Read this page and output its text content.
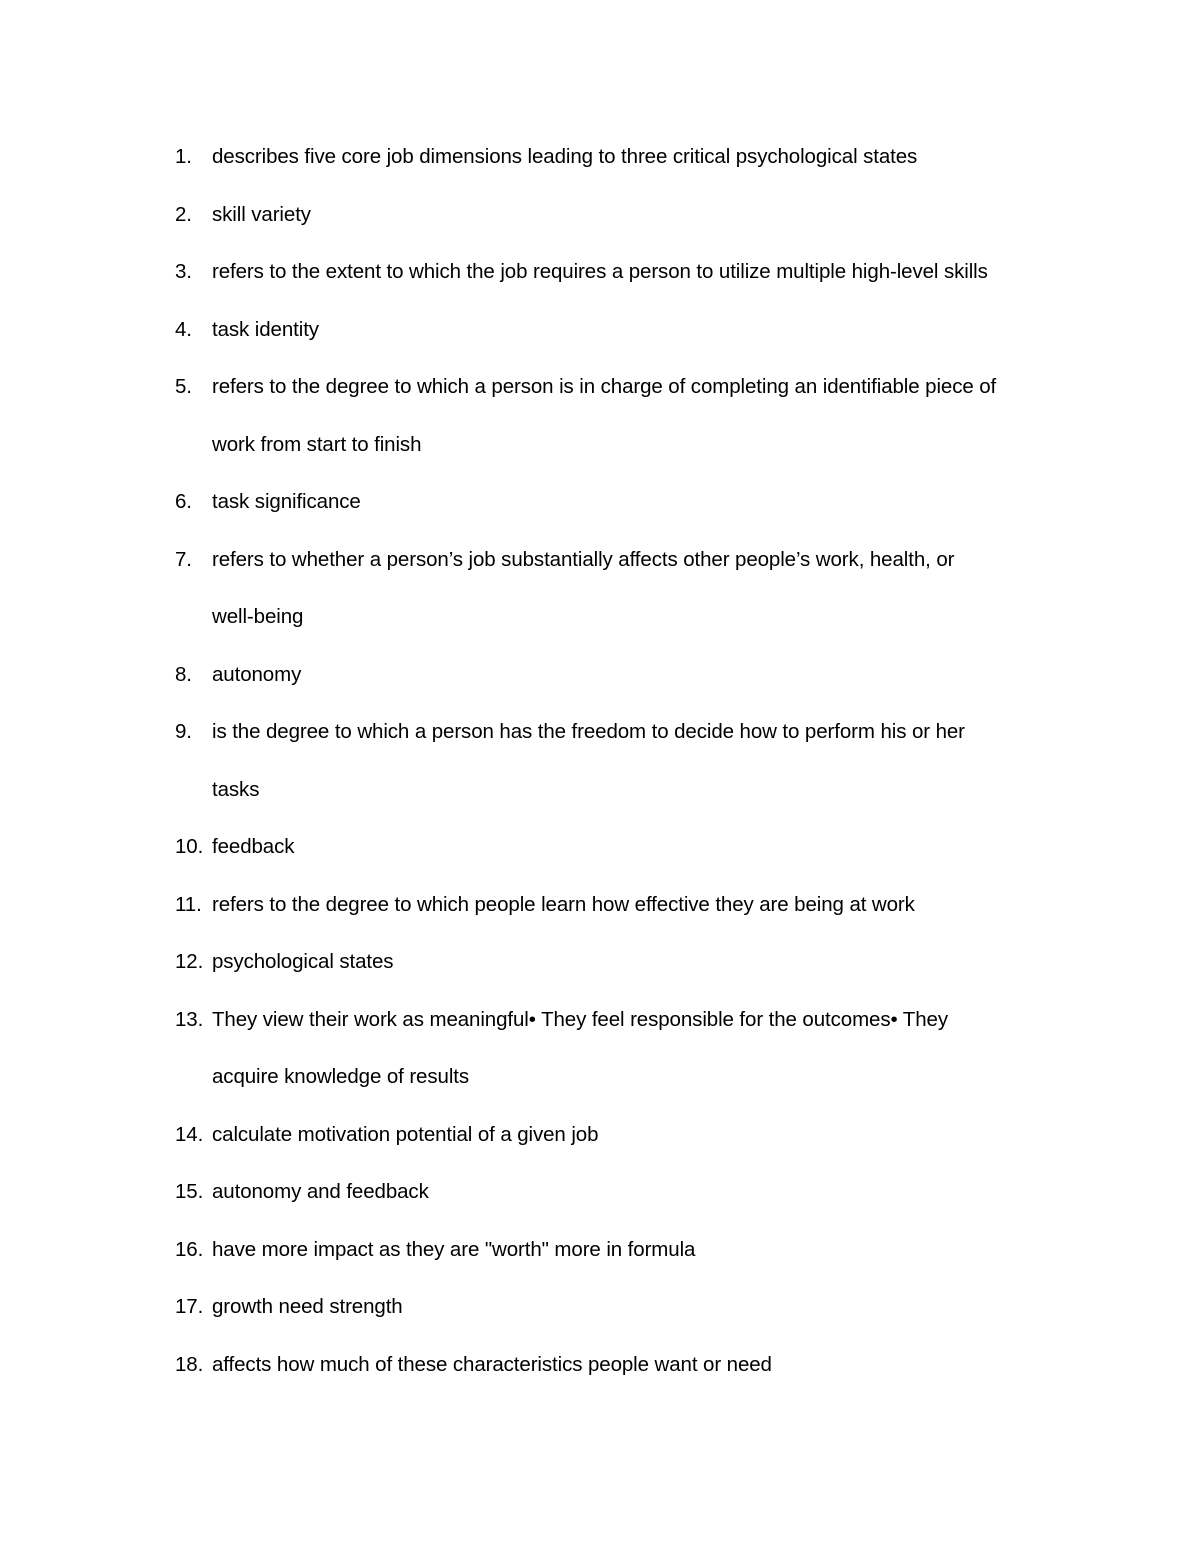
1. describes five core job dimensions leading to three critical psychological states
2. skill variety
3. refers to the extent to which the job requires a person to utilize multiple high-level skills
4. task identity
5. refers to the degree to which a person is in charge of completing an identifiable piece of
work from start to finish
6. task significance
7. refers to whether a person’s job substantially affects other people’s work, health, or
well-being
8. autonomy
9. is the degree to which a person has the freedom to decide how to perform his or her
tasks
10. feedback
11. refers to the degree to which people learn how effective they are being at work
12. psychological states
13. They view their work as meaningful• They feel responsible for the outcomes• They
acquire knowledge of results
14. calculate motivation potential of a given job
15. autonomy and feedback
16. have more impact as they are "worth" more in formula
17. growth need strength
18. affects how much of these characteristics people want or need
